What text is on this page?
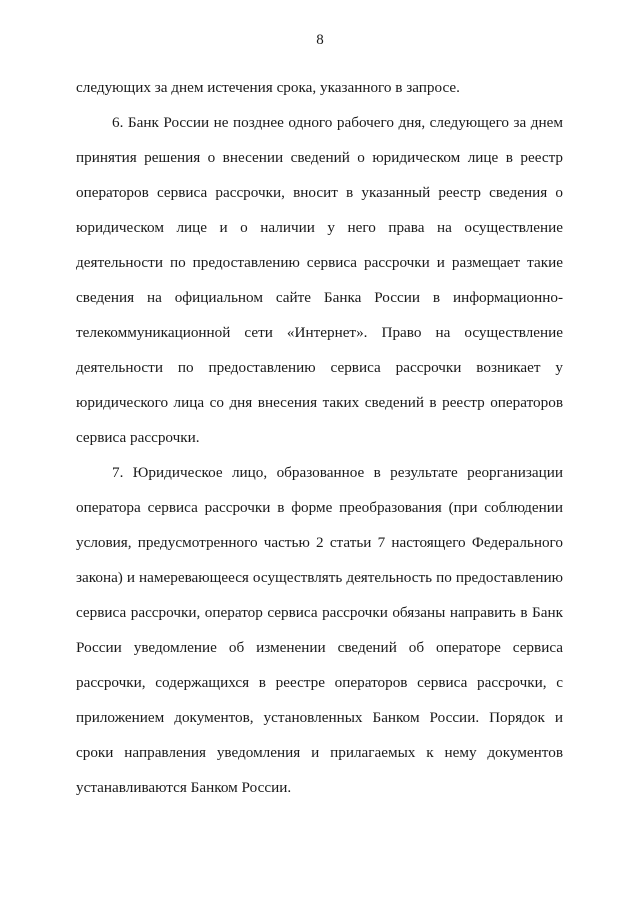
8
следующих за днем истечения срока, указанного в запросе.
6. Банк России не позднее одного рабочего дня, следующего за днем
принятия решения о внесении сведений о юридическом лице в реестр
операторов сервиса рассрочки, вносит в указанный реестр сведения о
юридическом лице и о наличии у него права на осуществление
деятельности по предоставлению сервиса рассрочки и размещает такие
сведения на официальном сайте Банка России в информационно-
телекоммуникационной сети «Интернет». Право на осуществление
деятельности по предоставлению сервиса рассрочки возникает у
юридического лица со дня внесения таких сведений в реестр операторов
сервиса рассрочки.
7. Юридическое лицо, образованное в результате реорганизации
оператора сервиса рассрочки в форме преобразования (при соблюдении
условия, предусмотренного частью 2 статьи 7 настоящего Федерального
закона) и намеревающееся осуществлять деятельность по предоставлению
сервиса рассрочки, оператор сервиса рассрочки обязаны направить в Банк
России уведомление об изменении сведений об операторе сервиса
рассрочки, содержащихся в реестре операторов сервиса рассрочки, с
приложением документов, установленных Банком России. Порядок и
сроки направления уведомления и прилагаемых к нему документов
устанавливаются Банком России.
